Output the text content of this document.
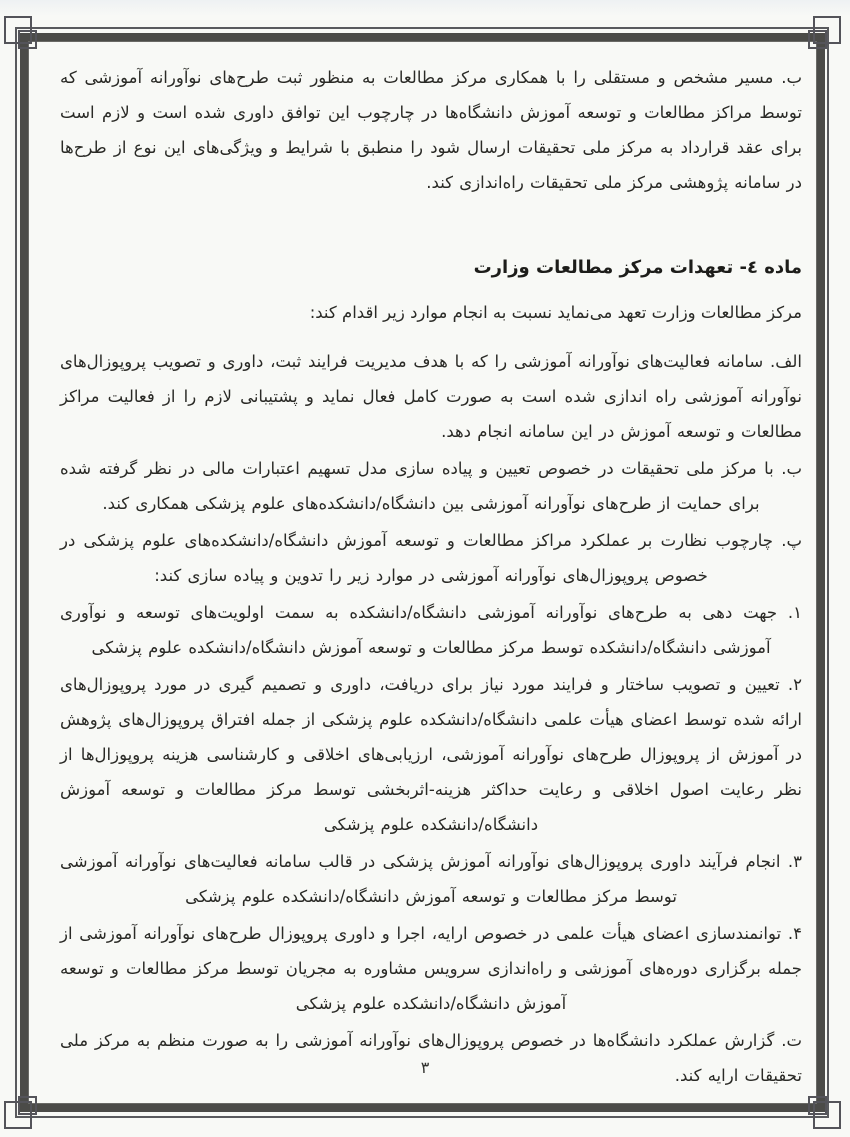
ب. مسیر مشخص و مستقلی را با همکاری مرکز مطالعات به منظور ثبت طرح‌های نوآورانه آموزشی که توسط مراکز مطالعات و توسعه آموزش دانشگاه‌ها در چارچوب این توافق داوری شده است و لازم است برای عقد قرارداد به مرکز ملی تحقیقات ارسال شود را منطبق با شرایط و ویژگی‌های این نوع از طرح‌ها در سامانه پژوهشی مرکز ملی تحقیقات راه‌اندازی کند.

ماده ٤- تعهدات مرکز مطالعات وزارت

مرکز مطالعات وزارت تعهد می‌نماید نسبت به انجام موارد زیر اقدام کند:

الف. سامانه فعالیت‌های نوآورانه آموزشی را که با هدف مدیریت فرایند ثبت، داوری و تصویب پروپوزال‌های نوآورانه آموزشی راه اندازی شده است به صورت کامل فعال نماید و پشتیبانی لازم را از فعالیت مراکز مطالعات و توسعه آموزش در این سامانه انجام دهد.

ب. با مرکز ملی تحقیقات در خصوص تعیین و پیاده سازی مدل تسهیم اعتبارات مالی در نظر گرفته شده برای حمایت از طرح‌های نوآورانه آموزشی بین دانشگاه/دانشکده‌های علوم پزشکی همکاری کند.

پ. چارچوب نظارت بر عملکرد مراکز مطالعات و توسعه آموزش دانشگاه/دانشکده‌های علوم پزشکی در خصوص پروپوزال‌های نوآورانه آموزشی در موارد زیر را تدوین و پیاده سازی کند:

۱. جهت دهی به طرح‌های نوآورانه آموزشی دانشگاه/دانشکده به سمت اولویت‌های توسعه و نوآوری آموزشی دانشگاه/دانشکده توسط مرکز مطالعات و توسعه آموزش دانشگاه/دانشکده علوم پزشکی

۲. تعیین و تصویب ساختار و فرایند مورد نیاز برای دریافت، داوری و تصمیم گیری در مورد پروپوزال‌های ارائه شده توسط اعضای هیأت علمی دانشگاه/دانشکده علوم پزشکی از جمله افتراق پروپوزال‌های پژوهش در آموزش از پروپوزال طرح‌های نوآورانه آموزشی، ارزیابی‌های اخلاقی و کارشناسی هزینه پروپوزال‌ها از نظر رعایت اصول اخلاقی و رعایت حداکثر هزینه-اثربخشی توسط مرکز مطالعات و توسعه آموزش دانشگاه/دانشکده علوم پزشکی

۳. انجام فرآیند داوری پروپوزال‌های نوآورانه آموزش پزشکی در قالب سامانه فعالیت‌های نوآورانه آموزشی توسط مرکز مطالعات و توسعه آموزش دانشگاه/دانشکده علوم پزشکی

۴. توانمندسازی اعضای هیأت علمی در خصوص ارایه، اجرا و داوری پروپوزال طرح‌های نوآورانه آموزشی از جمله برگزاری دوره‌های آموزشی و راه‌اندازی سرویس مشاوره به مجریان توسط مرکز مطالعات و توسعه آموزش دانشگاه/دانشکده علوم پزشکی

ت. گزارش عملکرد دانشگاه‌ها در خصوص پروپوزال‌های نوآورانه آموزشی را به صورت منظم به مرکز ملی تحقیقات ارایه کند.

۳
